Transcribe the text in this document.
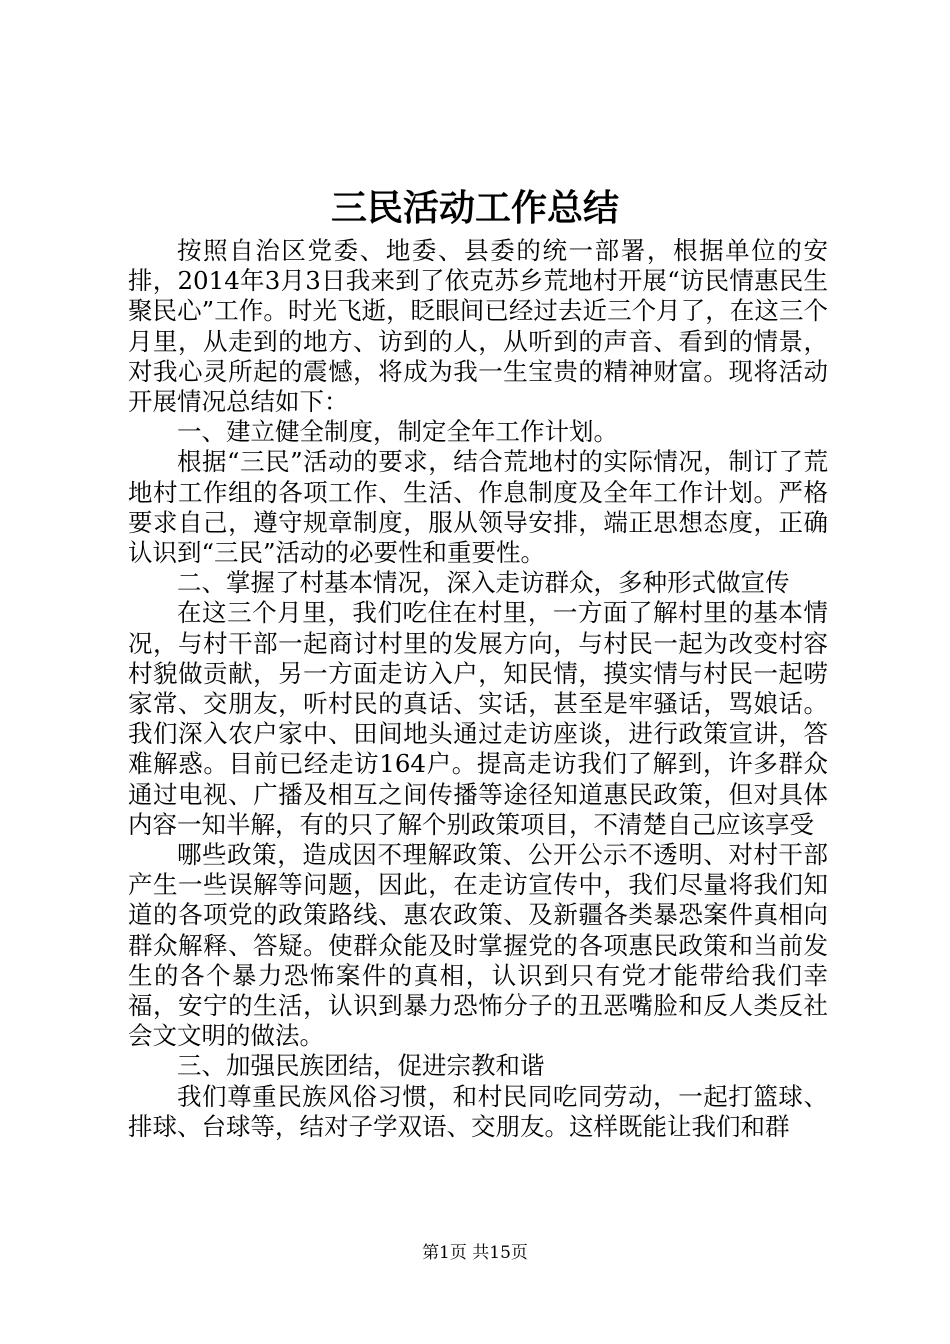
三民活动工作总结

按照自治区党委、地委、县委的统一部署，根据单位的安排，2014年3月3日我来到了依克苏乡荒地村开展“访民情惠民生聚民心”工作。时光飞逝，眨眼间已经过去近三个月了，在这三个月里，从走到的地方、访到的人，从听到的声音、看到的情景，对我心灵所起的震憾，将成为我一生宝贵的精神财富。现将活动开展情况总结如下：

一、建立健全制度，制定全年工作计划。

根据“三民”活动的要求，结合荒地村的实际情况，制订了荒地村工作组的各项工作、生活、作息制度及全年工作计划。严格要求自己，遵守规章制度，服从领导安排，端正思想态度，正确认识到“三民”活动的必要性和重要性。

二、掌握了村基本情况，深入走访群众，多种形式做宣传

在这三个月里，我们吃住在村里，一方面了解村里的基本情况，与村干部一起商讨村里的发展方向，与村民一起为改变村容村貌做贡献，另一方面走访入户，知民情，摸实情与村民一起唠家常、交朋友，听村民的真话、实话，甚至是牢骚话，骂娘话。我们深入农户家中、田间地头通过走访座谈，进行政策宣讲，答难解惑。目前已经走访164户。提高走访我们了解到，许多群众通过电视、广播及相互之间传播等途径知道惠民政策，但对具体内容一知半解，有的只了解个别政策项目，不清楚自己应该享受

哪些政策，造成因不理解政策、公开公示不透明、对村干部产生一些误解等问题，因此，在走访宣传中，我们尽量将我们知道的各项党的政策路线、惠农政策、及新疆各类暴恐案件真相向群众解释、答疑。使群众能及时掌握党的各项惠民政策和当前发生的各个暴力恐怖案件的真相，认识到只有党才能带给我们幸福，安宁的生活，认识到暴力恐怖分子的丑恶嘴脸和反人类反社会文文明的做法。

三、加强民族团结，促进宗教和谐

我们尊重民族风俗习惯，和村民同吃同劳动，一起打篮球、排球、台球等，结对子学双语、交朋友。这样既能让我们和群

第1页 共15页
